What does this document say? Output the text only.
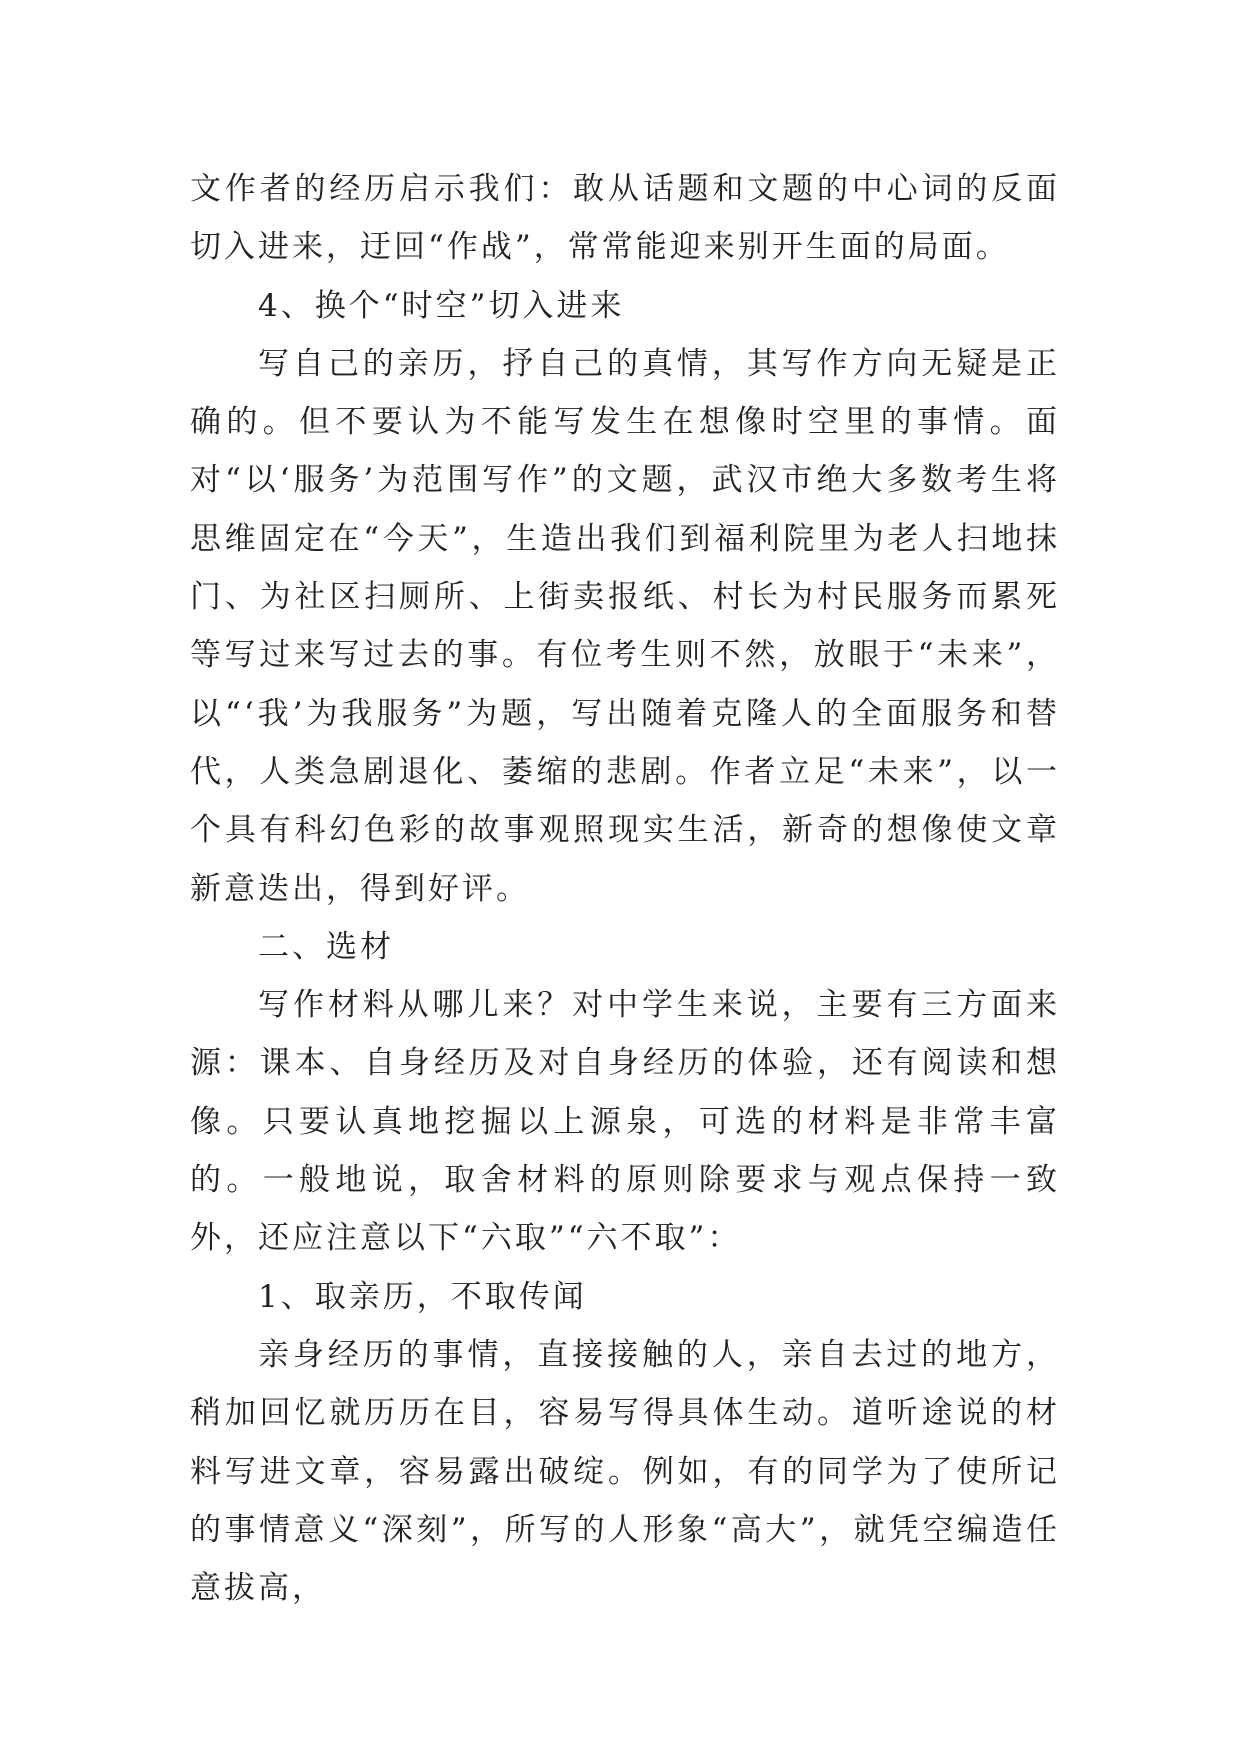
文作者的经历启示我们：敢从话题和文题的中心词的反面切入进来，迂回“作战”，常常能迎来别开生面的局面。

4、换个“时空”切入进来

写自己的亲历，抒自己的真情，其写作方向无疑是正确的。但不要认为不能写发生在想像时空里的事情。面对“以‘服务’为范围写作”的文题，武汉市绝大多数考生将思维固定在“今天”，生造出我们到福利院里为老人扫地抹门、为社区扫厕所、上街卖报纸、村长为村民服务而累死等写过来写过去的事。有位考生则不然，放眼于“未来”，以“‘我’为我服务”为题，写出随着克隆人的全面服务和替代，人类急剧退化、萎缩的悲剧。作者立足“未来”，以一个具有科幻色彩的故事观照现实生活，新奇的想像使文章新意迭出，得到好评。

二、选材

写作材料从哪儿来？对中学生来说，主要有三方面来源：课本、自身经历及对自身经历的体验，还有阅读和想像。只要认真地挖掘以上源泉，可选的材料是非常丰富的。一般地说，取舍材料的原则除要求与观点保持一致外，还应注意以下“六取”“六不取”：

1、取亲历，不取传闻

亲身经历的事情，直接接触的人，亲自去过的地方，稍加回忆就历历在目，容易写得具体生动。道听途说的材料写进文章，容易露出破绽。例如，有的同学为了使所记的事情意义“深刻”，所写的人形象“高大”，就凭空编造任意拔高，
